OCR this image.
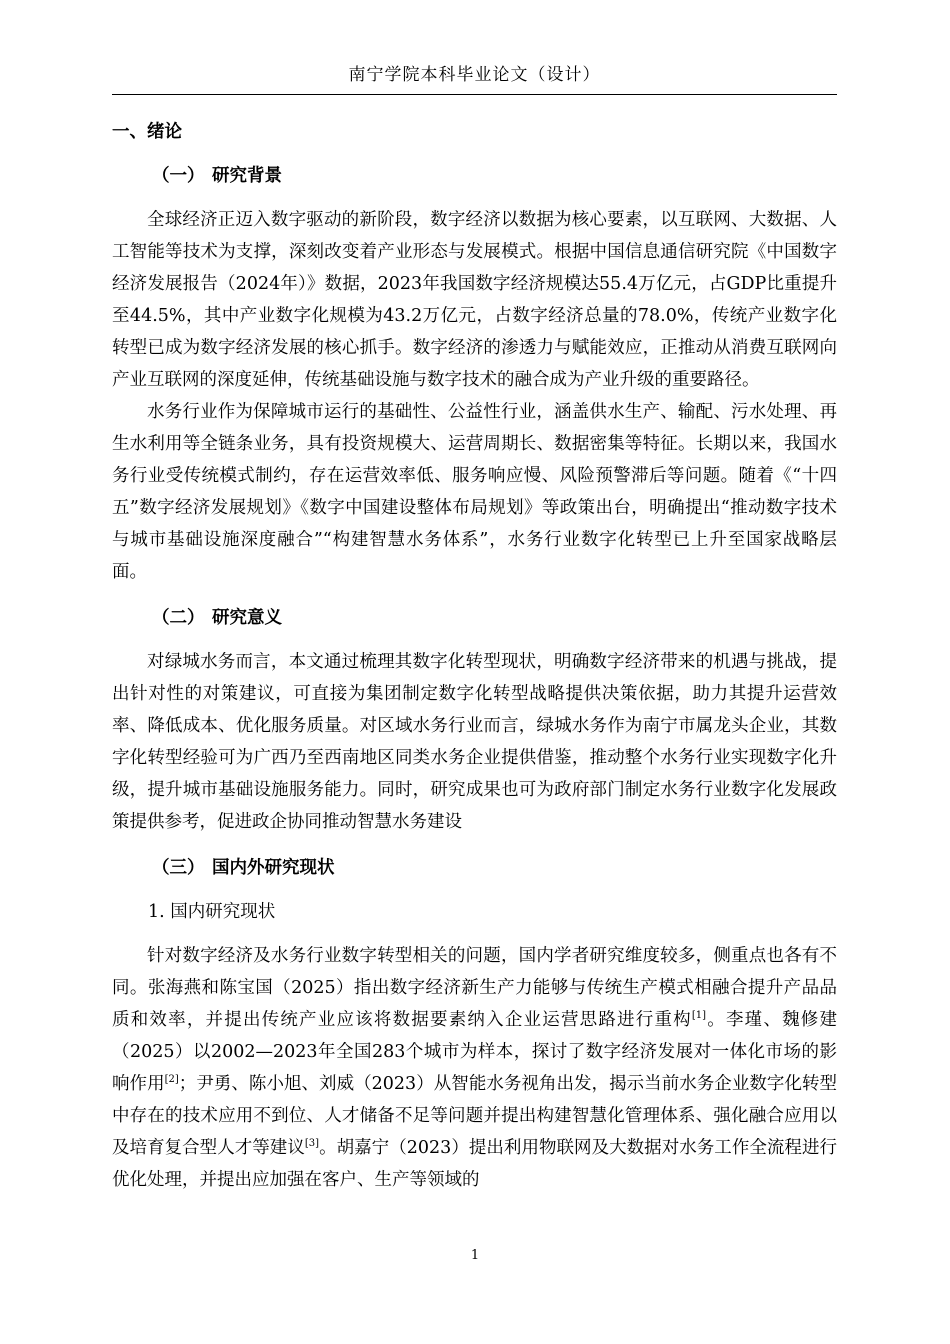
南宁学院本科毕业论文（设计）

一、绪论

（一） 研究背景

全球经济正迈入数字驱动的新阶段，数字经济以数据为核心要素，以互联网、大数据、人工智能等技术为支撑，深刻改变着产业形态与发展模式。根据中国信息通信研究院《中国数字经济发展报告（2024年）》数据，2023年我国数字经济规模达55.4万亿元，占GDP比重提升至44.5%，其中产业数字化规模为43.2万亿元，占数字经济总量的78.0%，传统产业数字化转型已成为数字经济发展的核心抓手。数字经济的渗透力与赋能效应，正推动从消费互联网向产业互联网的深度延伸，传统基础设施与数字技术的融合成为产业升级的重要路径。

水务行业作为保障城市运行的基础性、公益性行业，涵盖供水生产、输配、污水处理、再生水利用等全链条业务，具有投资规模大、运营周期长、数据密集等特征。长期以来，我国水务行业受传统模式制约，存在运营效率低、服务响应慢、风险预警滞后等问题。随着《“十四五”数字经济发展规划》《数字中国建设整体布局规划》等政策出台，明确提出“推动数字技术与城市基础设施深度融合”“构建智慧水务体系”，水务行业数字化转型已上升至国家战略层面。

（二） 研究意义

对绿城水务而言，本文通过梳理其数字化转型现状，明确数字经济带来的机遇与挑战，提出针对性的对策建议，可直接为集团制定数字化转型战略提供决策依据，助力其提升运营效率、降低成本、优化服务质量。对区域水务行业而言，绿城水务作为南宁市属龙头企业，其数字化转型经验可为广西乃至西南地区同类水务企业提供借鉴，推动整个水务行业实现数字化升级，提升城市基础设施服务能力。同时，研究成果也可为政府部门制定水务行业数字化发展政策提供参考，促进政企协同推动智慧水务建设

（三） 国内外研究现状

1. 国内研究现状

针对数字经济及水务行业数字转型相关的问题，国内学者研究维度较多，侧重点也各有不同。张海燕和陈宝国（2025）指出数字经济新生产力能够与传统生产模式相融合提升产品品质和效率，并提出传统产业应该将数据要素纳入企业运营思路进行重构[1]。李瑾、魏修建（2025）以2002—2023年全国283个城市为样本，探讨了数字经济发展对一体化市场的影响作用[2]；尹勇、陈小旭、刘威（2023）从智能水务视角出发，揭示当前水务企业数字化转型中存在的技术应用不到位、人才储备不足等问题并提出构建智慧化管理体系、强化融合应用以及培育复合型人才等建议[3]。胡嘉宁（2023）提出利用物联网及大数据对水务工作全流程进行优化处理，并提出应加强在客户、生产等领域的

1
